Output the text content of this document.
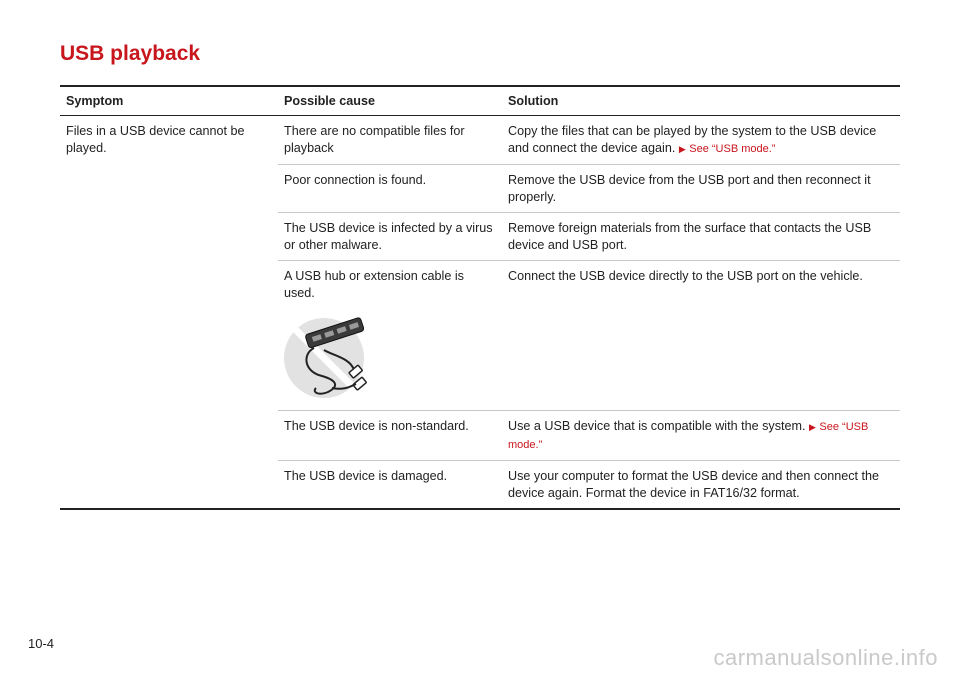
USB playback
Symptom	Possible cause	Solution
Files in a USB device cannot be played.	There are no compatible files for playback	Copy the files that can be played by the system to the USB device and connect the device again. ▶ See “USB mode.”
	Poor connection is found.	Remove the USB device from the USB port and then reconnect it properly.
	The USB device is infected by a virus or other malware.	Remove foreign materials from the surface that contacts the USB device and USB port.
	A USB hub or extension cable is used.	Connect the USB device directly to the USB port on the vehicle.
	The USB device is non-standard.	Use a USB device that is compatible with the system. ▶ See “USB mode.”
	The USB device is damaged.	Use your computer to format the USB device and then connect the device again. Format the device in FAT16/32 format.
10-4
carmanualsonline.info
